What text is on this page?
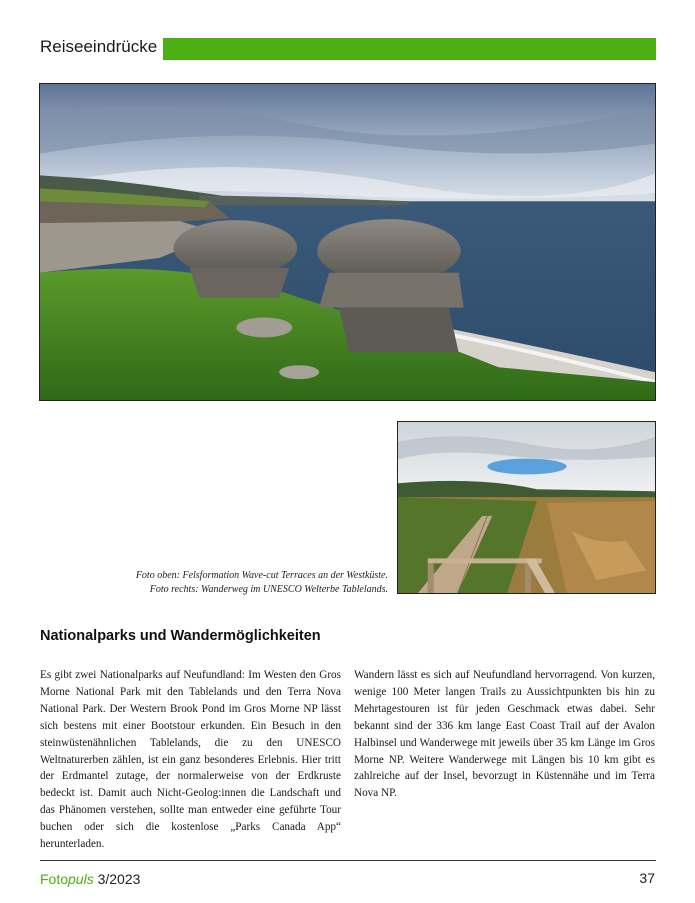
Reiseeindrücke
Foto oben: Felsformation Wave-cut Terraces an der Westküste.
Foto rechts: Wanderweg im UNESCO Welterbe Tablelands.
Nationalparks und Wandermöglichkeiten
Es gibt zwei Nationalparks auf Neufundland: Im Westen den Gros Morne National Park mit den Tablelands und den Terra Nova National Park. Der Western Brook Pond im Gros Morne NP lässt sich bestens mit einer Bootstour erkunden. Ein Besuch in den steinwüstenähnlichen Tablelands, die zu den UNESCO Weltnaturerben zählen, ist ein ganz besonderes Erlebnis. Hier tritt der Erdmantel zutage, der normalerweise von der Erdkruste bedeckt ist. Damit auch Nicht-Geolog:innen die Landschaft und das Phänomen verstehen, sollte man entweder eine geführte Tour buchen oder sich die kostenlose „Parks Canada App“ herunterladen.
Wandern lässt es sich auf Neufundland hervorragend. Von kurzen, wenige 100 Meter langen Trails zu Aussichtpunkten bis hin zu Mehrtagestouren ist für jeden Geschmack etwas dabei. Sehr bekannt sind der 336 km lange East Coast Trail auf der Avalon Halbinsel und Wanderwege mit jeweils über 35 km Länge im Gros Morne NP. Weitere Wanderwege mit Längen bis 10 km gibt es zahlreiche auf der Insel, bevorzugt in Küstennähe und im Terra Nova NP.
Fotopuls 3/2023	37
